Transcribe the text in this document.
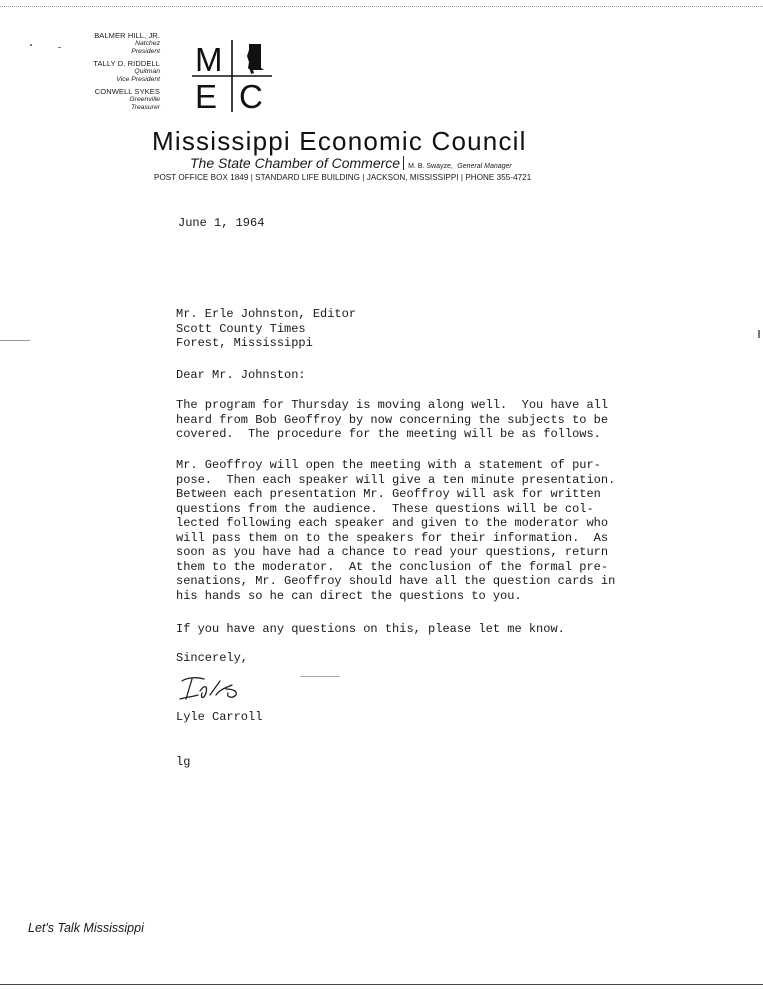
BALMER HILL, JR.
Natchez
President
TALLY D. RIDDELL
Quitman
Vice President
CONWELL SYKES
Greenville
Treasurer
M
E C
Mississippi Economic Council
The State Chamber of Commerce M. B. Swayze, General Manager
POST OFFICE BOX 1849 | STANDARD LIFE BUILDING | JACKSON, MISSISSIPPI | PHONE 355-4721
June 1, 1964
Mr. Erle Johnston, Editor
Scott County Times
Forest, Mississippi
Dear Mr. Johnston:
The program for Thursday is moving along well.  You have all
heard from Bob Geoffroy by now concerning the subjects to be
covered.  The procedure for the meeting will be as follows.
Mr. Geoffroy will open the meeting with a statement of pur-
pose.  Then each speaker will give a ten minute presentation.
Between each presentation Mr. Geoffroy will ask for written
questions from the audience.  These questions will be col-
lected following each speaker and given to the moderator who
will pass them on to the speakers for their information.  As
soon as you have had a chance to read your questions, return
them to the moderator.  At the conclusion of the formal pre-
senations, Mr. Geoffroy should have all the question cards in
his hands so he can direct the questions to you.
If you have any questions on this, please let me know.
Sincerely,
Lyle Carroll
lg
Let's Talk Mississippi
